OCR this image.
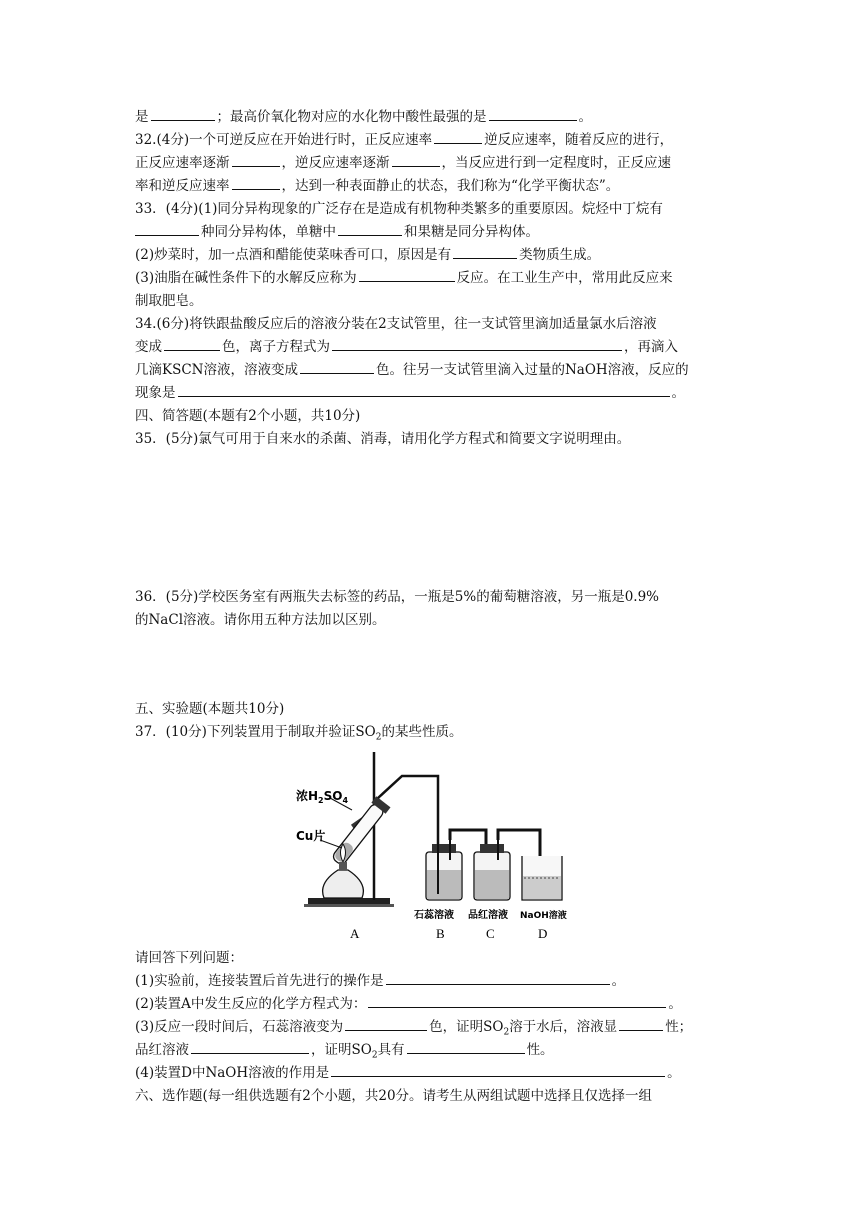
是	；最高价氧化物对应的水化物中酸性最强的是	。
32.(4分)一个可逆反应在开始进行时，正反应速率	逆反应速率，随着反应的进行，
正反应速率逐渐	，逆反应速率逐渐	，当反应进行到一定程度时，正反应速
率和逆反应速率	，达到一种表面静止的状态，我们称为“化学平衡状态”。
33．(4分)(1)同分异构现象的广泛存在是造成有机物种类繁多的重要原因。烷烃中丁烷有
种同分异构体，单糖中	和果糖是同分异构体。
(2)炒菜时，加一点酒和醋能使菜味香可口，原因是有	类物质生成。
(3)油脂在碱性条件下的水解反应称为	反应。在工业生产中，常用此反应来
制取肥皂。
34.(6分)将铁跟盐酸反应后的溶液分装在2支试管里，往一支试管里滴加适量氯水后溶液
变成	色，离子方程式为	，再滴入
几滴KSCN溶液，溶液变成	色。往另一支试管里滴入过量的NaOH溶液，反应的
现象是	。
四、简答题(本题有2个小题，共10分)
35．(5分)氯气可用于自来水的杀菌、消毒，请用化学方程式和简要文字说明理由。
36．(5分)学校医务室有两瓶失去标签的药品，一瓶是5%的葡萄糖溶液，另一瓶是0.9%
的NaCl溶液。请你用五种方法加以区别。
五、实验题(本题共10分)
37．(10分)下列装置用于制取并验证$SO_2$的某些性质。
浓$H_2SO_4$
Cu片
石蕊溶液 品红溶液 NaOH溶液
A	B	C	D
请回答下列问题：
(1)实验前，连接装置后首先进行的操作是	。
(2)装置A中发生反应的化学方程式为：	。
(3)反应一段时间后，石蕊溶液变为	色，证明$SO_2$溶于水后，溶液显	性；
品红溶液	，证明$SO_2$具有	性。
(4)装置D中NaOH溶液的作用是	。
六、选作题(每一组供选题有2个小题，共20分。请考生从两组试题中选择且仅选择一组
